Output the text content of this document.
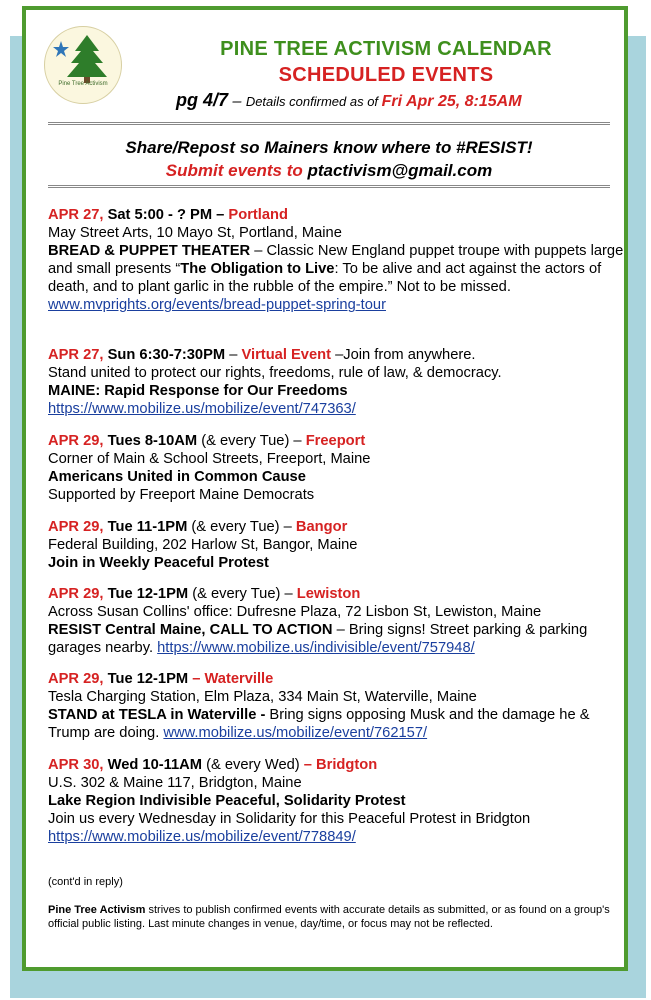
Pine Tree Activism
PINE TREE ACTIVISM CALENDAR
SCHEDULED EVENTS
pg 4/7 – Details confirmed as of Fri Apr 25, 8:15AM
Share/Repost so Mainers know where to #RESIST!
Submit events to ptactivism@gmail.com
APR 27, Sat 5:00 - ? PM – Portland
May Street Arts, 10 Mayo St, Portland, Maine
BREAD & PUPPET THEATER – Classic New England puppet troupe with puppets large and small presents “The Obligation to Live: To be alive and act against the actors of death, and to plant garlic in the rubble of the empire.” Not to be missed.
www.mvprights.org/events/bread-puppet-spring-tour
APR 27, Sun 6:30-7:30PM – Virtual Event –Join from anywhere.
Stand united to protect our rights, freedoms, rule of law, & democracy.
MAINE: Rapid Response for Our Freedoms
https://www.mobilize.us/mobilize/event/747363/
APR 29, Tues 8-10AM (& every Tue) – Freeport
Corner of Main & School Streets, Freeport, Maine
Americans United in Common Cause
Supported by Freeport Maine Democrats
APR 29, Tue 11-1PM (& every Tue) – Bangor
Federal Building, 202 Harlow St, Bangor, Maine
Join in Weekly Peaceful Protest
APR 29, Tue 12-1PM (& every Tue) – Lewiston
Across Susan Collins' office: Dufresne Plaza, 72 Lisbon St, Lewiston, Maine
RESIST Central Maine, CALL TO ACTION – Bring signs! Street parking & parking garages nearby. https://www.mobilize.us/indivisible/event/757948/
APR 29, Tue 12-1PM – Waterville
Tesla Charging Station, Elm Plaza, 334 Main St, Waterville, Maine
STAND at TESLA in Waterville - Bring signs opposing Musk and the damage he & Trump are doing. www.mobilize.us/mobilize/event/762157/
APR 30, Wed 10-11AM (& every Wed) – Bridgton
U.S. 302 & Maine 117, Bridgton, Maine
Lake Region Indivisible Peaceful, Solidarity Protest
Join us every Wednesday in Solidarity for this Peaceful Protest in Bridgton
https://www.mobilize.us/mobilize/event/778849/
(cont'd in reply)
Pine Tree Activism strives to publish confirmed events with accurate details as submitted, or as found on a group's official public listing. Last minute changes in venue, day/time, or focus may not be reflected.
